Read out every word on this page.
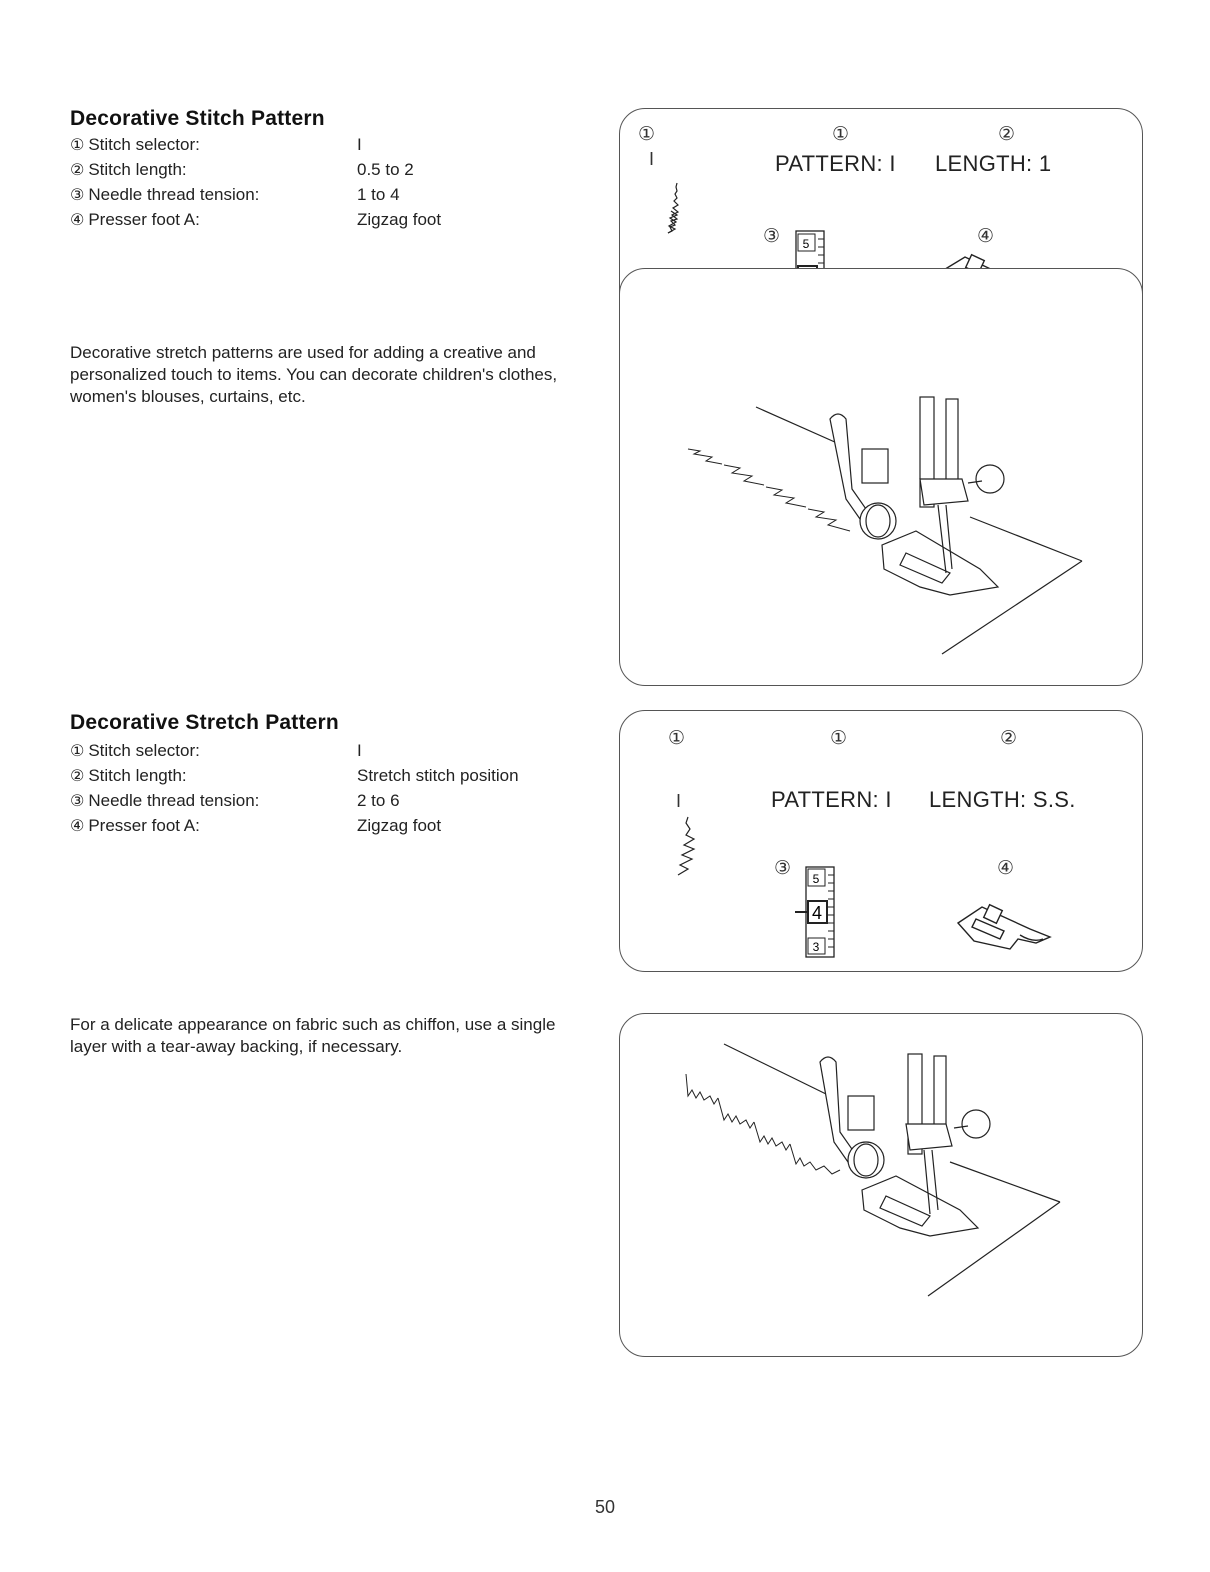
Decorative Stitch Pattern
① Stitch selector:	I
② Stitch length:	0.5 to 2
③ Needle thread tension:	1 to 4
④ Presser foot A:	Zigzag foot

Decorative stretch patterns are used for adding a creative and personalized touch to items. You can decorate children's clothes, women's blouses, curtains, etc.

①
I
①	②
PATTERN: I LENGTH: 1
③	④
5
Decorative Stretch Pattern
① Stitch selector:	I
② Stitch length:	Stretch stitch position
③ Needle thread tension:	2 to 6
④ Presser foot A:	Zigzag foot

For a delicate appearance on fabric such as chiffon, use a single layer with a tear-away backing, if necessary.

①
I
①	②
PATTERN: I LENGTH: S.S.
③	④
5
4
3
50
